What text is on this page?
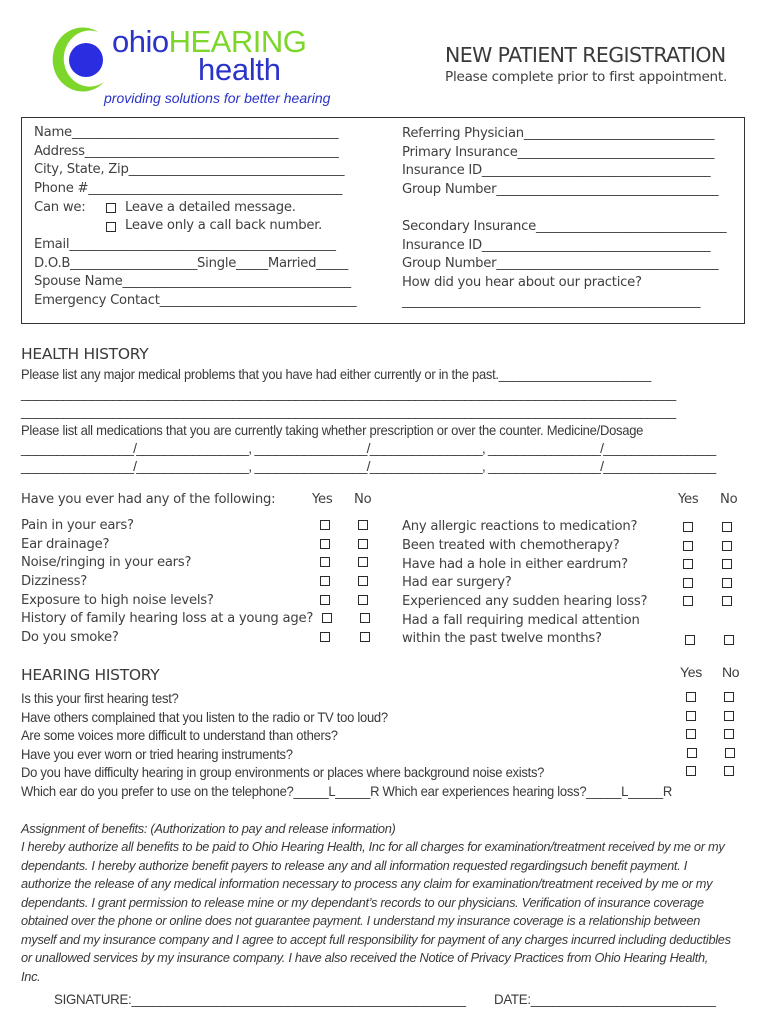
ohioHEARING
health
providing solutions for better hearing
NEW PATIENT REGISTRATION
Please complete prior to first appointment.
Name__________________________________________
Address________________________________________
City, State, Zip__________________________________
Phone #________________________________________
Can we:	Leave a detailed message.
Leave only a call back number.
Email__________________________________________
D.O.B____________________Single_____Married_____
Spouse Name____________________________________
Emergency Contact_______________________________
Referring Physician______________________________
Primary Insurance_______________________________
Insurance ID____________________________________
Group Number___________________________________
Secondary Insurance______________________________
Insurance ID____________________________________
Group Number___________________________________
How did you hear about our practice?
_______________________________________________
HEALTH HISTORY
Please list any major medical problems that you have had either currently or in the past.______________________
_____________________________________________________________________________________________
_____________________________________________________________________________________________
Please list all medications that you are currently taking whether prescription or over the counter. Medicine/Dosage
________________/________________, ________________/________________, ________________/________________
________________/________________, ________________/________________, ________________/________________
Have you ever had any of the following:	Yes No	Yes No
Pain in your ears?
Ear drainage?
Noise/ringing in your ears?
Dizziness?
Exposure to high noise levels?
History of family hearing loss at a young age?
Do you smoke?
Any allergic reactions to medication?
Been treated with chemotherapy?
Have had a hole in either eardrum?
Had ear surgery?
Experienced any sudden hearing loss?
Had a fall requiring medical attention
within the past twelve months?
HEARING HISTORY	Yes No
Is this your first hearing test?
Have others complained that you listen to the radio or TV too loud?
Are some voices more difficult to understand than others?
Have you ever worn or tried hearing instruments?
Do you have difficulty hearing in group environments or places where background noise exists?
Which ear do you prefer to use on the telephone?_____L_____R Which ear experiences hearing loss?_____L_____R
Assignment of benefits: (Authorization to pay and release information)
I hereby authorize all benefits to be paid to Ohio Hearing Health, Inc for all charges for examination/treatment received by me or my
dependants. I hereby authorize benefit payers to release any and all information requested regardingsuch benefit payment. I
authorize the release of any medical information necessary to process any claim for examination/treatment received by me or my
dependants. I grant permission to release mine or my dependant’s records to our physicians. Verification of insurance coverage
obtained over the phone or online does not guarantee payment. I understand my insurance coverage is a relationship between
myself and my insurance company and I agree to accept full responsibility for payment of any charges incurred including deductibles
or unallowed services by my insurance company. I have also received the Notice of Privacy Practices from Ohio Hearing Health,
Inc.
SIGNATURE:_______________________________________________ DATE:__________________________
